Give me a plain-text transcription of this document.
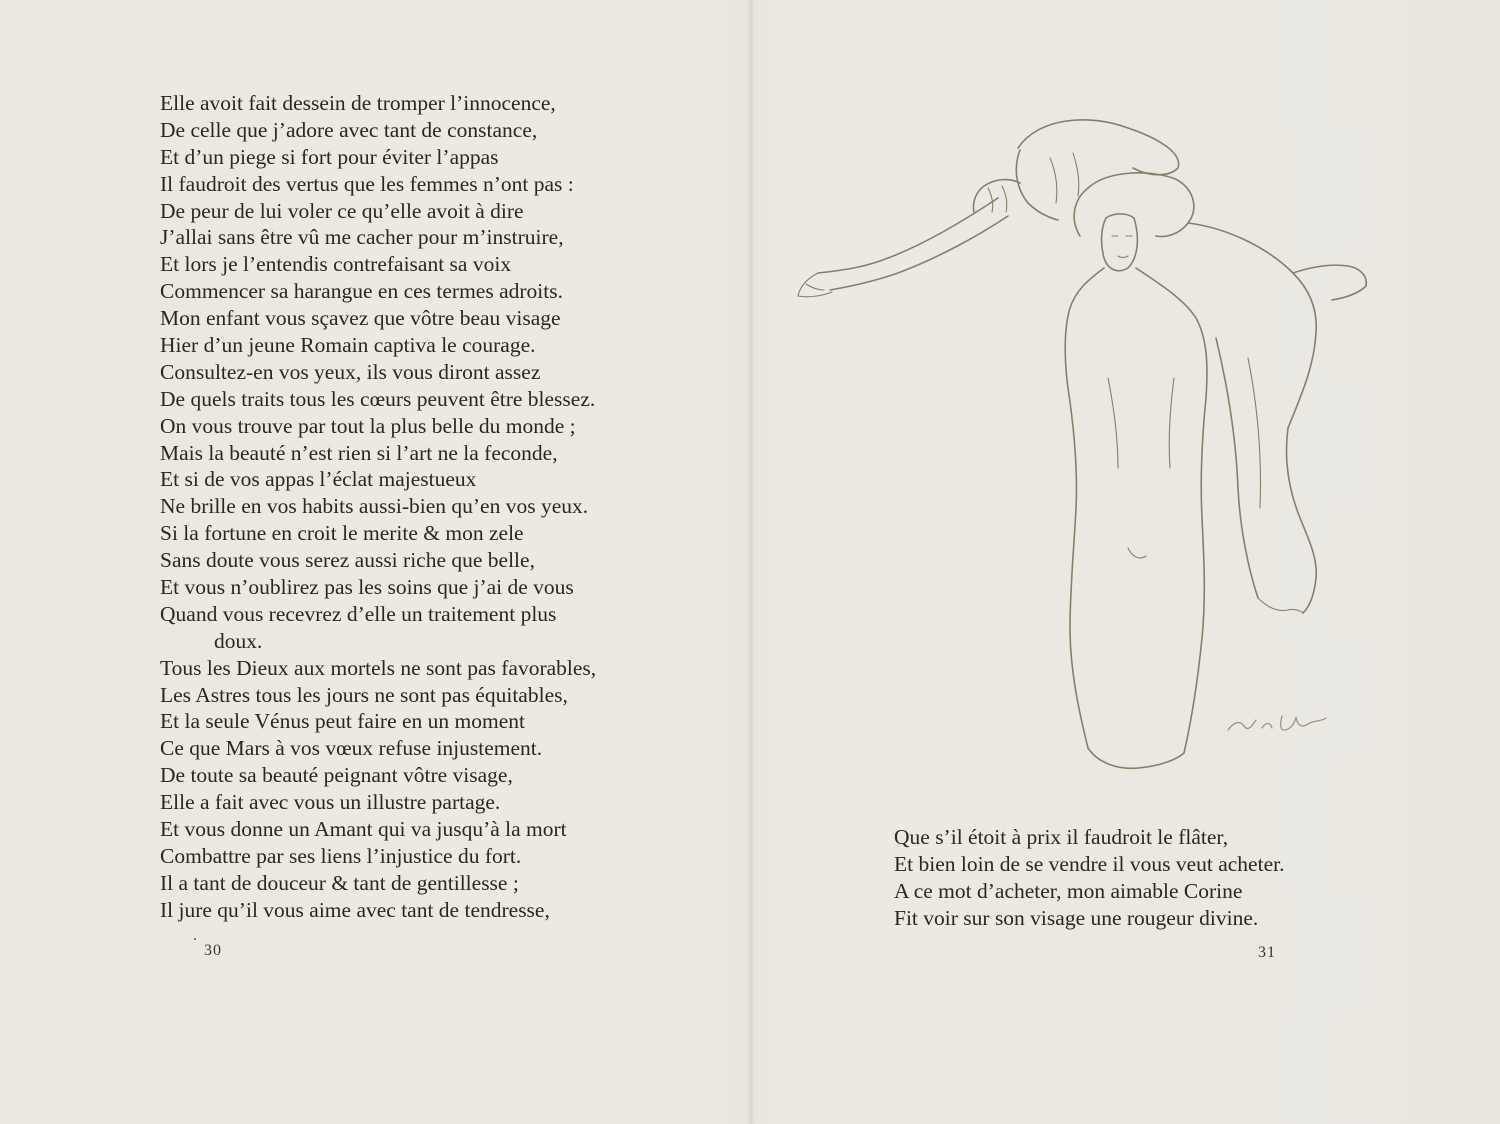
Elle avoit fait dessein de tromper l’innocence,
De celle que j’adore avec tant de constance,
Et d’un piege si fort pour éviter l’appas
Il faudroit des vertus que les femmes n’ont pas :
De peur de lui voler ce qu’elle avoit à dire
J’allai sans être vû me cacher pour m’instruire,
Et lors je l’entendis contrefaisant sa voix
Commencer sa harangue en ces termes adroits.
Mon enfant vous sçavez que vôtre beau visage
Hier d’un jeune Romain captiva le courage.
Consultez-en vos yeux, ils vous diront assez
De quels traits tous les cœurs peuvent être blessez.
On vous trouve par tout la plus belle du monde ;
Mais la beauté n’est rien si l’art ne la feconde,
Et si de vos appas l’éclat majestueux
Ne brille en vos habits aussi-bien qu’en vos yeux.
Si la fortune en croit le merite & mon zele
Sans doute vous serez aussi riche que belle,
Et vous n’oublirez pas les soins que j’ai de vous
Quand vous recevrez d’elle un traitement plus
doux.
Tous les Dieux aux mortels ne sont pas favorables,
Les Astres tous les jours ne sont pas équitables,
Et la seule Vénus peut faire en un moment
Ce que Mars à vos vœux refuse injustement.
De toute sa beauté peignant vôtre visage,
Elle a fait avec vous un illustre partage.
Et vous donne un Amant qui va jusqu’à la mort
Combattre par ses liens l’injustice du fort.
Il a tant de douceur & tant de gentillesse ;
Il jure qu’il vous aime avec tant de tendresse,
30
Que s’il étoit à prix il faudroit le flâter,
Et bien loin de se vendre il vous veut acheter.
A ce mot d’acheter, mon aimable Corine
Fit voir sur son visage une rougeur divine.
31
